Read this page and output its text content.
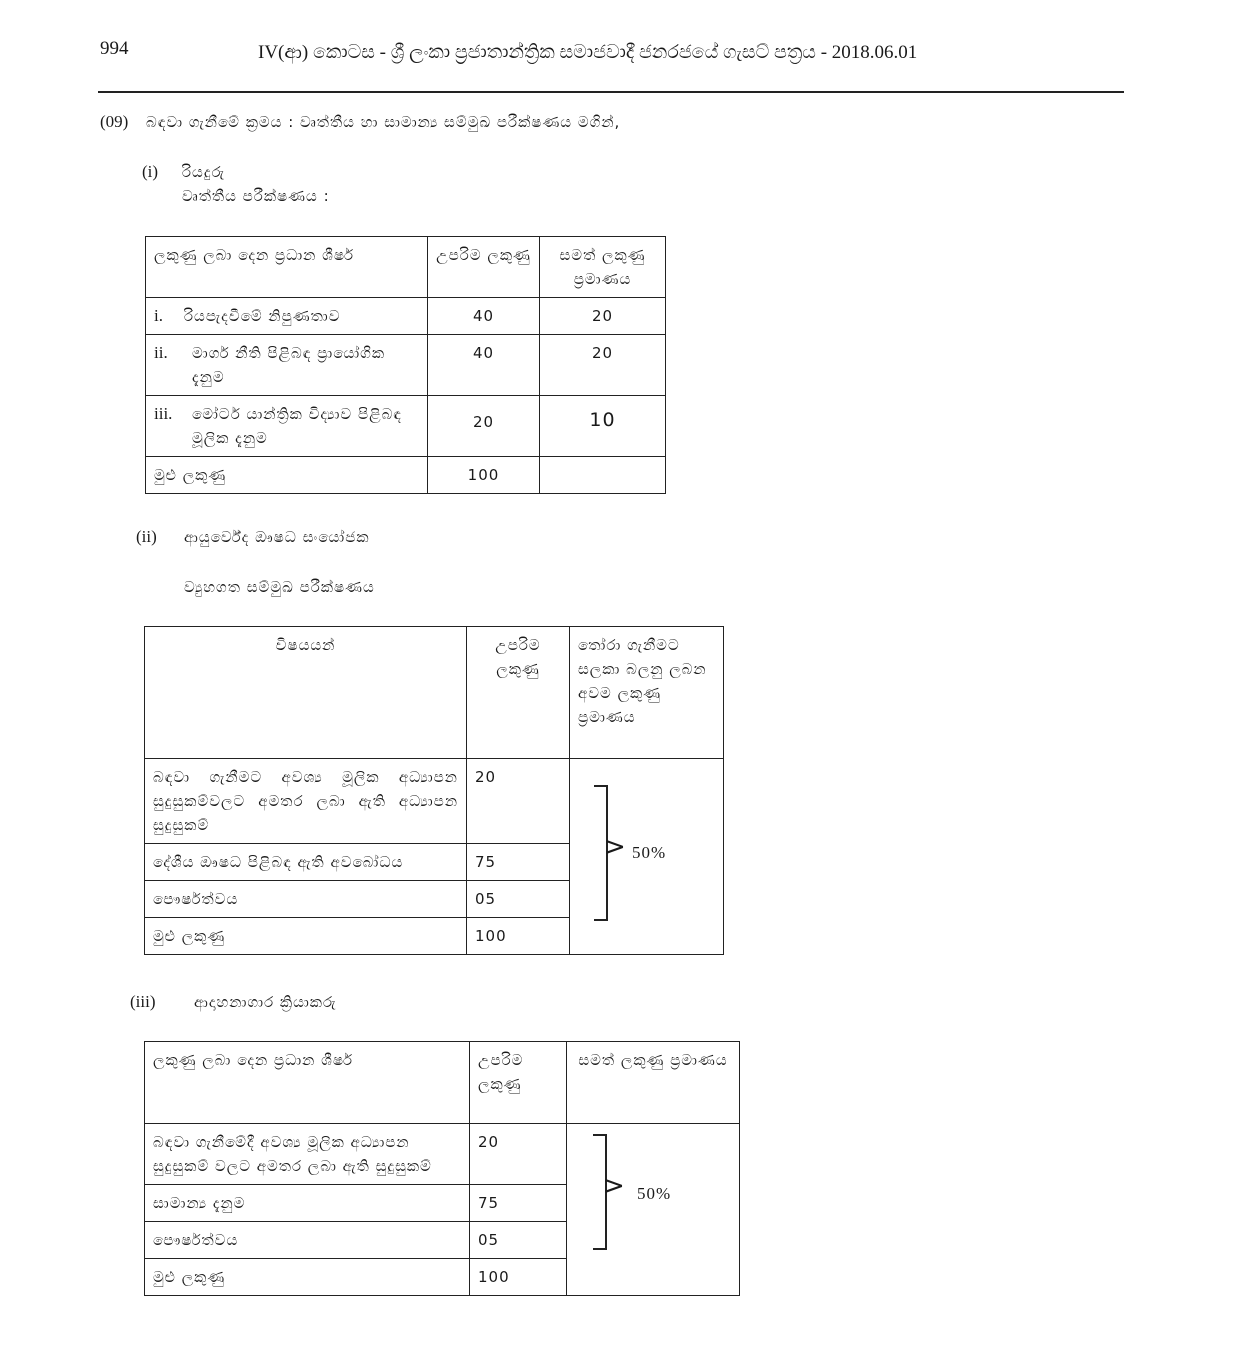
994	IV(ආ) කොටස - ශ්‍රී ලංකා ප්‍රජාතාන්ත්‍රික සමාජවාදී ජනරජයේ ගැසට් පත්‍රය - 2018.06.01
(09) බඳවා ගැනීමේ ක්‍රමය : වෘත්තීය හා සාමාන්‍ය සම්මුඛ පරීක්ෂණය මගින්,
(i) රියදුරු
වෘත්තීය පරීක්ෂණය :
ලකුණු ලබා දෙන ප්‍රධාන ශීර්ෂ	උපරිම ලකුණු	සමත් ලකුණු ප්‍රමාණය
i. රියපැදවීමේ නිපුණතාව	40	20

ii. මාර්ග නීති පිළිබඳ ප්‍රායෝගික දැනුම	40	20

iii. මෝටර් යාන්ත්‍රික විද්‍යාව පිළිබඳ මූලික දැනුම	20	10
මුළු ලකුණු	100	
(ii) ආයුර්වේද ඖෂධ සංයෝජක
ව්‍යුහගත සම්මුඛ පරීක්ෂණය
විෂයයන්	උපරිම ලකුණු	තෝරා ගැනීමට සලකා බලනු ලබන අවම ලකුණු ප්‍රමාණය
බඳවා ගැනීමට අවශ්‍ය මූලික අධ්‍යාපන සුදුසුකම්වලට අමතර ලබා ඇති අධ්‍යාපන සුදුසුකම්	20	> 50%

දේශීය ඖෂධ පිළිබඳ ඇති අවබෝධය	75	
පෞර්ෂත්වය	05	
මුළු ලකුණු	100	
(iii)	ආදාහනාගාර ක්‍රියාකරු
ලකුණු ලබා දෙන ප්‍රධාන ශීර්ෂ	උපරිම ලකුණු	සමත් ලකුණු ප්‍රමාණය
බඳවා ගැනීමේදී අවශ්‍ය මූලික අධ්‍යාපන සුදුසුකම් වලට අමතර ලබා ඇති සුදුසුකම්	20	> 50%

සාමාන්‍ය දැනුම	75	
පෞර්ෂත්වය	05	
මුළු ලකුණු	100	
